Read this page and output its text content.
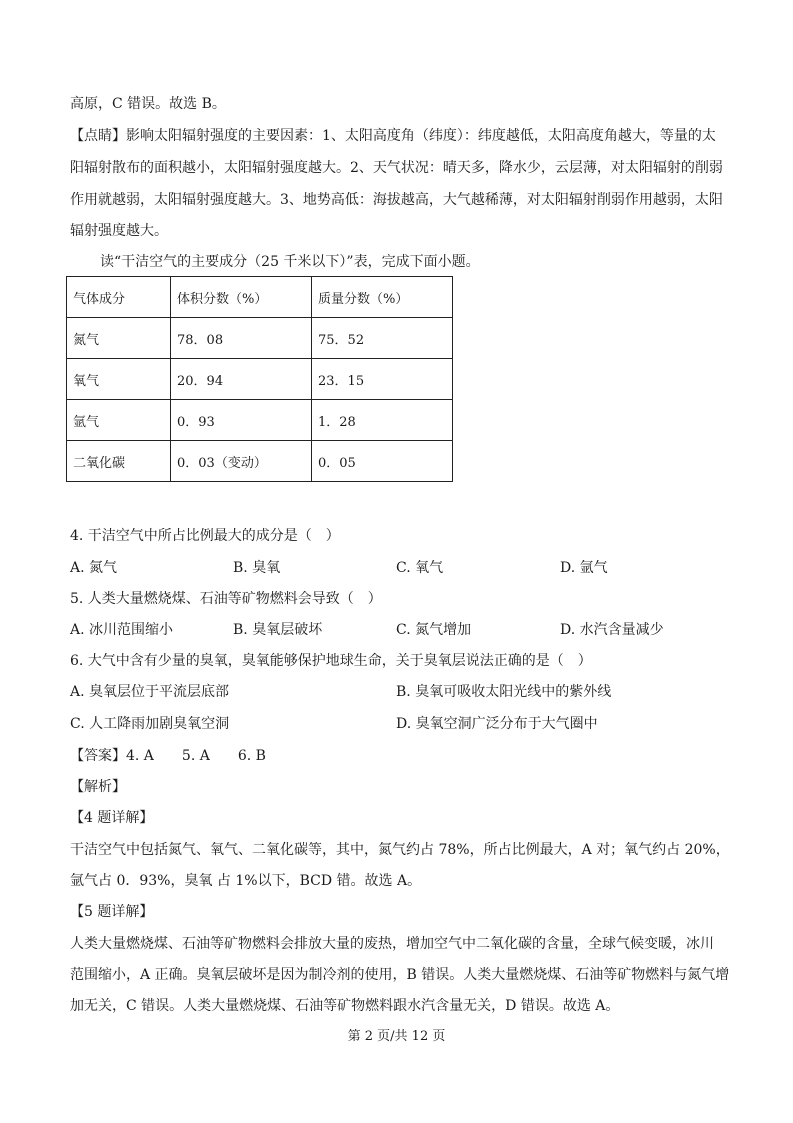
高原，C 错误。故选 B。
【点睛】影响太阳辐射强度的主要因素：1、太阳高度角（纬度）：纬度越低，太阳高度角越大，等量的太
阳辐射散布的面积越小，太阳辐射强度越大。2、天气状况：晴天多，降水少，云层薄，对太阳辐射的削弱
作用就越弱，太阳辐射强度越大。3、地势高低：海拔越高，大气越稀薄，对太阳辐射削弱作用越弱，太阳
辐射强度越大。
读“干洁空气的主要成分（25 千米以下）”表，完成下面小题。
气体成分	体积分数（%）	质量分数（%）
氮气	78．08	75．52
氧气	20．94	23．15
氩气	0．93	1．28
二氧化碳	0．03（变动）	0．05
4. 干洁空气中所占比例最大的成分是（　）
A. 氮气	B. 臭氧	C. 氧气	D. 氩气
5. 人类大量燃烧煤、石油等矿物燃料会导致（　）
A. 冰川范围缩小	B. 臭氧层破坏	C. 氮气增加	D. 水汽含量减少
6. 大气中含有少量的臭氧，臭氧能够保护地球生命，关于臭氧层说法正确的是（　）
A. 臭氧层位于平流层底部	B. 臭氧可吸收太阳光线中的紫外线
C. 人工降雨加剧臭氧空洞	D. 臭氧空洞广泛分布于大气圈中
【答案】4. A　　5. A　　6. B
【解析】
【4 题详解】
干洁空气中包括氮气、氧气、二氧化碳等，其中，氮气约占 78%，所占比例最大，A 对；氧气约占 20%，
氩气占 0．93%，臭氧 占 1%以下，BCD 错。故选 A。
【5 题详解】
人类大量燃烧煤、石油等矿物燃料会排放大量的废热，增加空气中二氧化碳的含量，全球气候变暖，冰川
范围缩小，A 正确。臭氧层破坏是因为制冷剂的使用，B 错误。人类大量燃烧煤、石油等矿物燃料与氮气增
加无关，C 错误。人类大量燃烧煤、石油等矿物燃料跟水汽含量无关，D 错误。故选 A。
第 2 页/共 12 页
